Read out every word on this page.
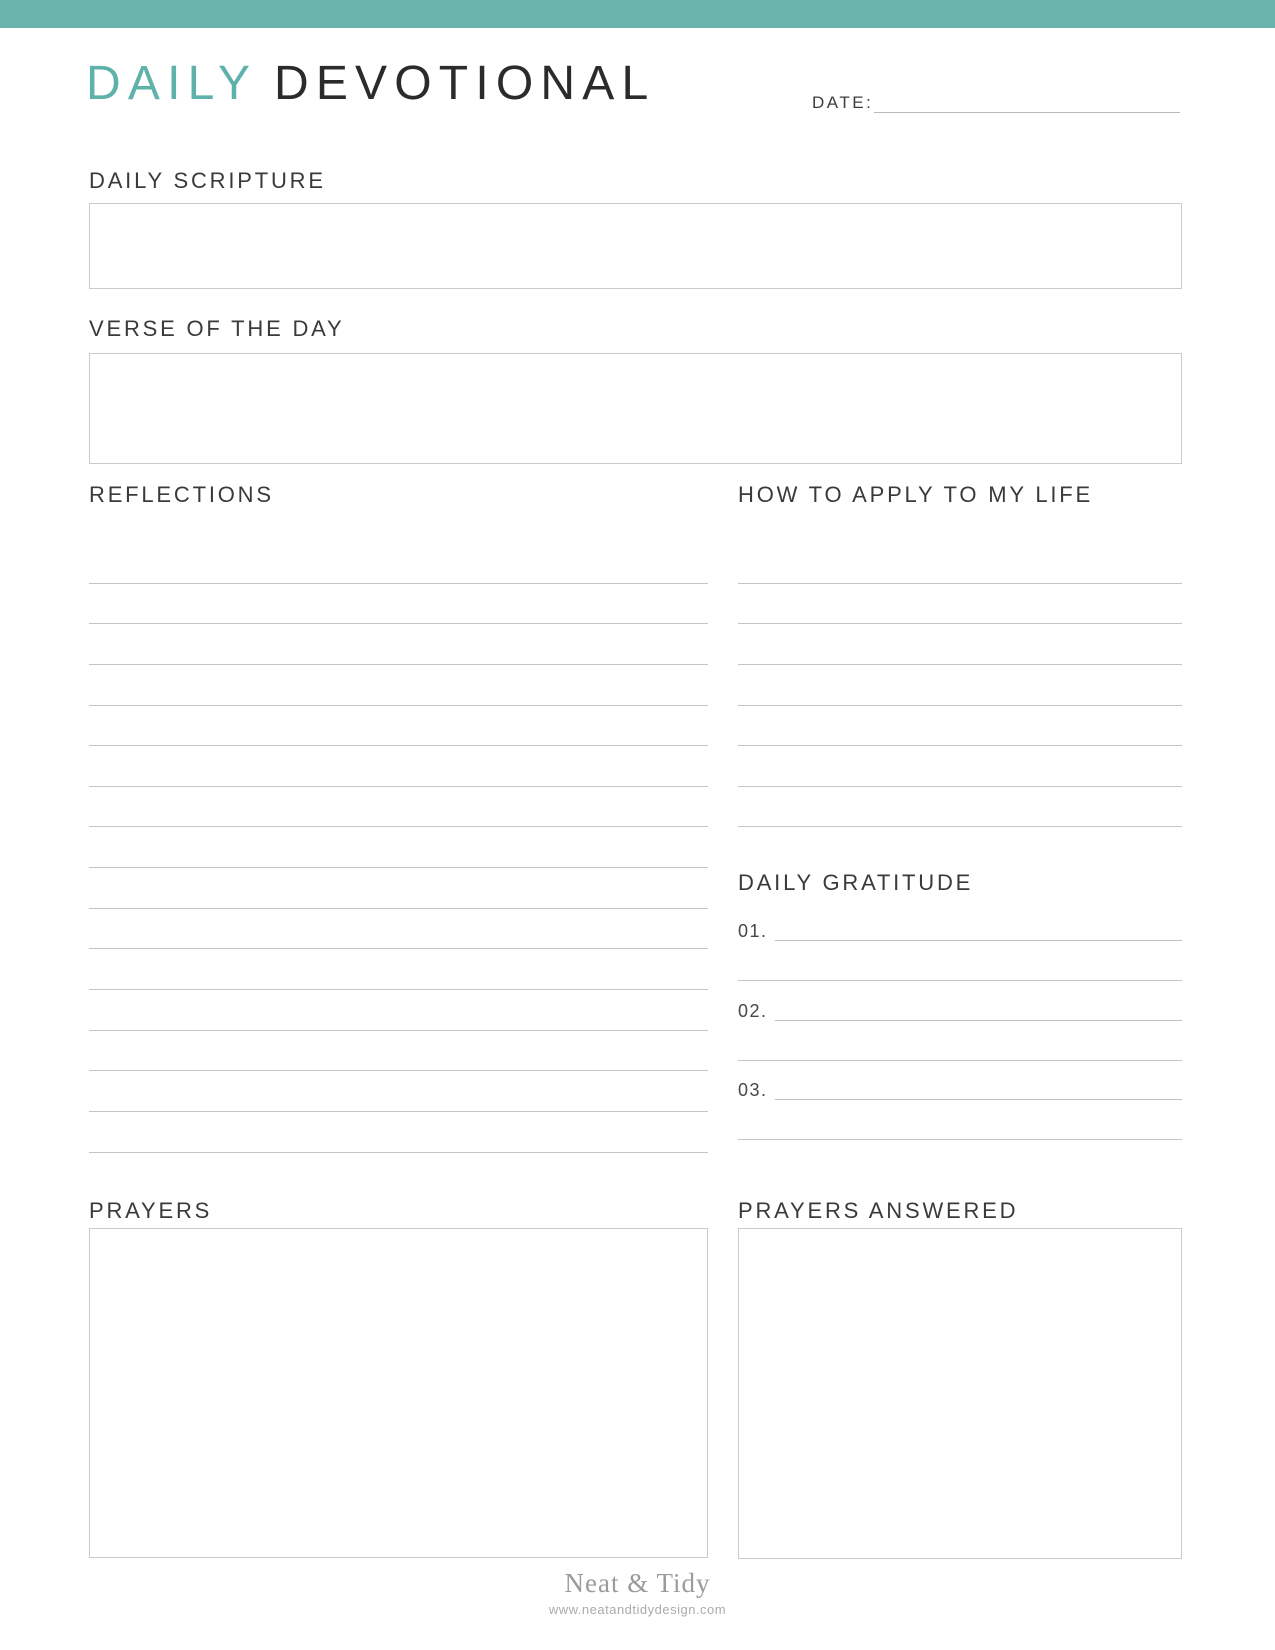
DAILY DEVOTIONAL	DATE:
DAILY SCRIPTURE
VERSE OF THE DAY
REFLECTIONS	HOW TO APPLY TO MY LIFE
DAILY GRATITUDE
01.
02.
03.
PRAYERS	PRAYERS ANSWERED

Neat & Tidy

www.neatandtidydesign.com
